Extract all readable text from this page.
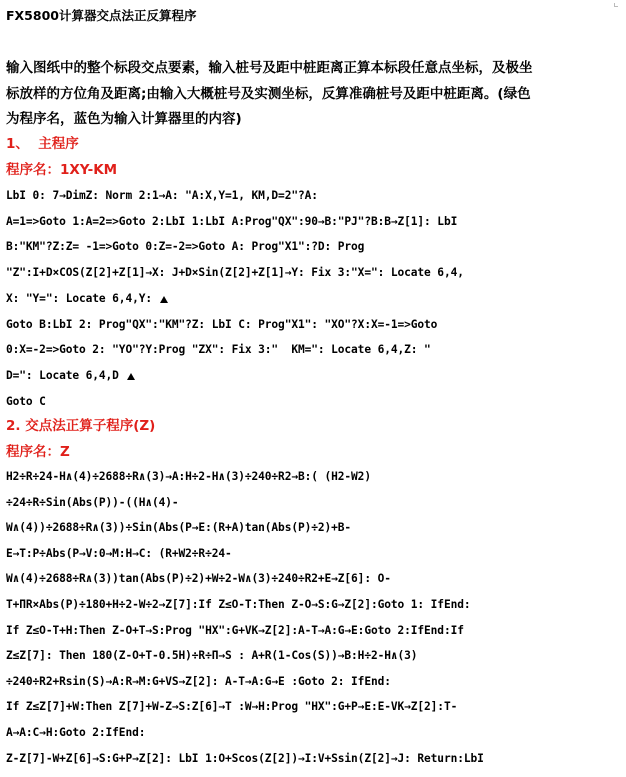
FX5800计算器交点法正反算程序
输入图纸中的整个标段交点要素，输入桩号及距中桩距离正算本标段任意点坐标，及极坐
标放样的方位角及距离;由输入大概桩号及实测坐标，反算准确桩号及距中桩距离。(绿色
为程序名，蓝色为输入计算器里的内容)
1、  主程序
程序名：1XY-KM
LbI 0: 7→DimZ: Norm 2:1→A: "A:X,Y=1, KM,D=2"?A:
A=1=>Goto 1:A=2=>Goto 2:LbI 1:LbI A:Prog"QX":90→B:"PJ"?B:B→Z[1]: LbI
B:"KM"?Z:Z= -1=>Goto 0:Z=-2=>Goto A: Prog"X1":?D: Prog
"Z":I+D×COS(Z[2]+Z[1]→X: J+D×Sin(Z[2]+Z[1]→Y: Fix 3:"X=": Locate 6,4,
X: "Y=": Locate 6,4,Y:
Goto B:LbI 2: Prog"QX":"KM"?Z: LbI C: Prog"X1": "XO"?X:X=-1=>Goto
0:X=-2=>Goto 2: "YO"?Y:Prog "ZX": Fix 3:"  KM=": Locate 6,4,Z: "
D=": Locate 6,4,D
Goto C
2. 交点法正算子程序(Z)
程序名：Z
H2÷R÷24-H∧(4)÷2688÷R∧(3)→A:H÷2-H∧(3)÷240÷R2→B:( (H2-W2)
÷24÷R÷Sin(Abs(P))-((H∧(4)-
W∧(4))÷2688÷R∧(3))÷Sin(Abs(P→E:(R+A)tan(Abs(P)÷2)+B-
E→T:P÷Abs(P→V:0→M:H→C: (R+W2÷R÷24-
W∧(4)÷2688÷R∧(3))tan(Abs(P)÷2)+W÷2-W∧(3)÷240÷R2+E→Z[6]: O-
T+ΠR×Abs(P)÷180+H÷2-W÷2→Z[7]:If Z≤O-T:Then Z-O→S:G→Z[2]:Goto 1: IfEnd:
If Z≤O-T+H:Then Z-O+T→S:Prog "HX":G+VK→Z[2]:A-T→A:G→E:Goto 2:IfEnd:If
Z≤Z[7]: Then 180(Z-O+T-0.5H)÷R÷Π→S : A+R(1-Cos(S))→B:H÷2-H∧(3)
÷240÷R2+Rsin(S)→A:R→M:G+VS→Z[2]: A-T→A:G→E :Goto 2: IfEnd:
If Z≤Z[7]+W:Then Z[7]+W-Z→S:Z[6]→T :W→H:Prog "HX":G+P→E:E-VK→Z[2]:T-
A→A:C→H:Goto 2:IfEnd:
Z-Z[7]-W+Z[6]→S:G+P→Z[2]: LbI 1:O+Scos(Z[2])→I:V+Ssin(Z[2]→J: Return:LbI
